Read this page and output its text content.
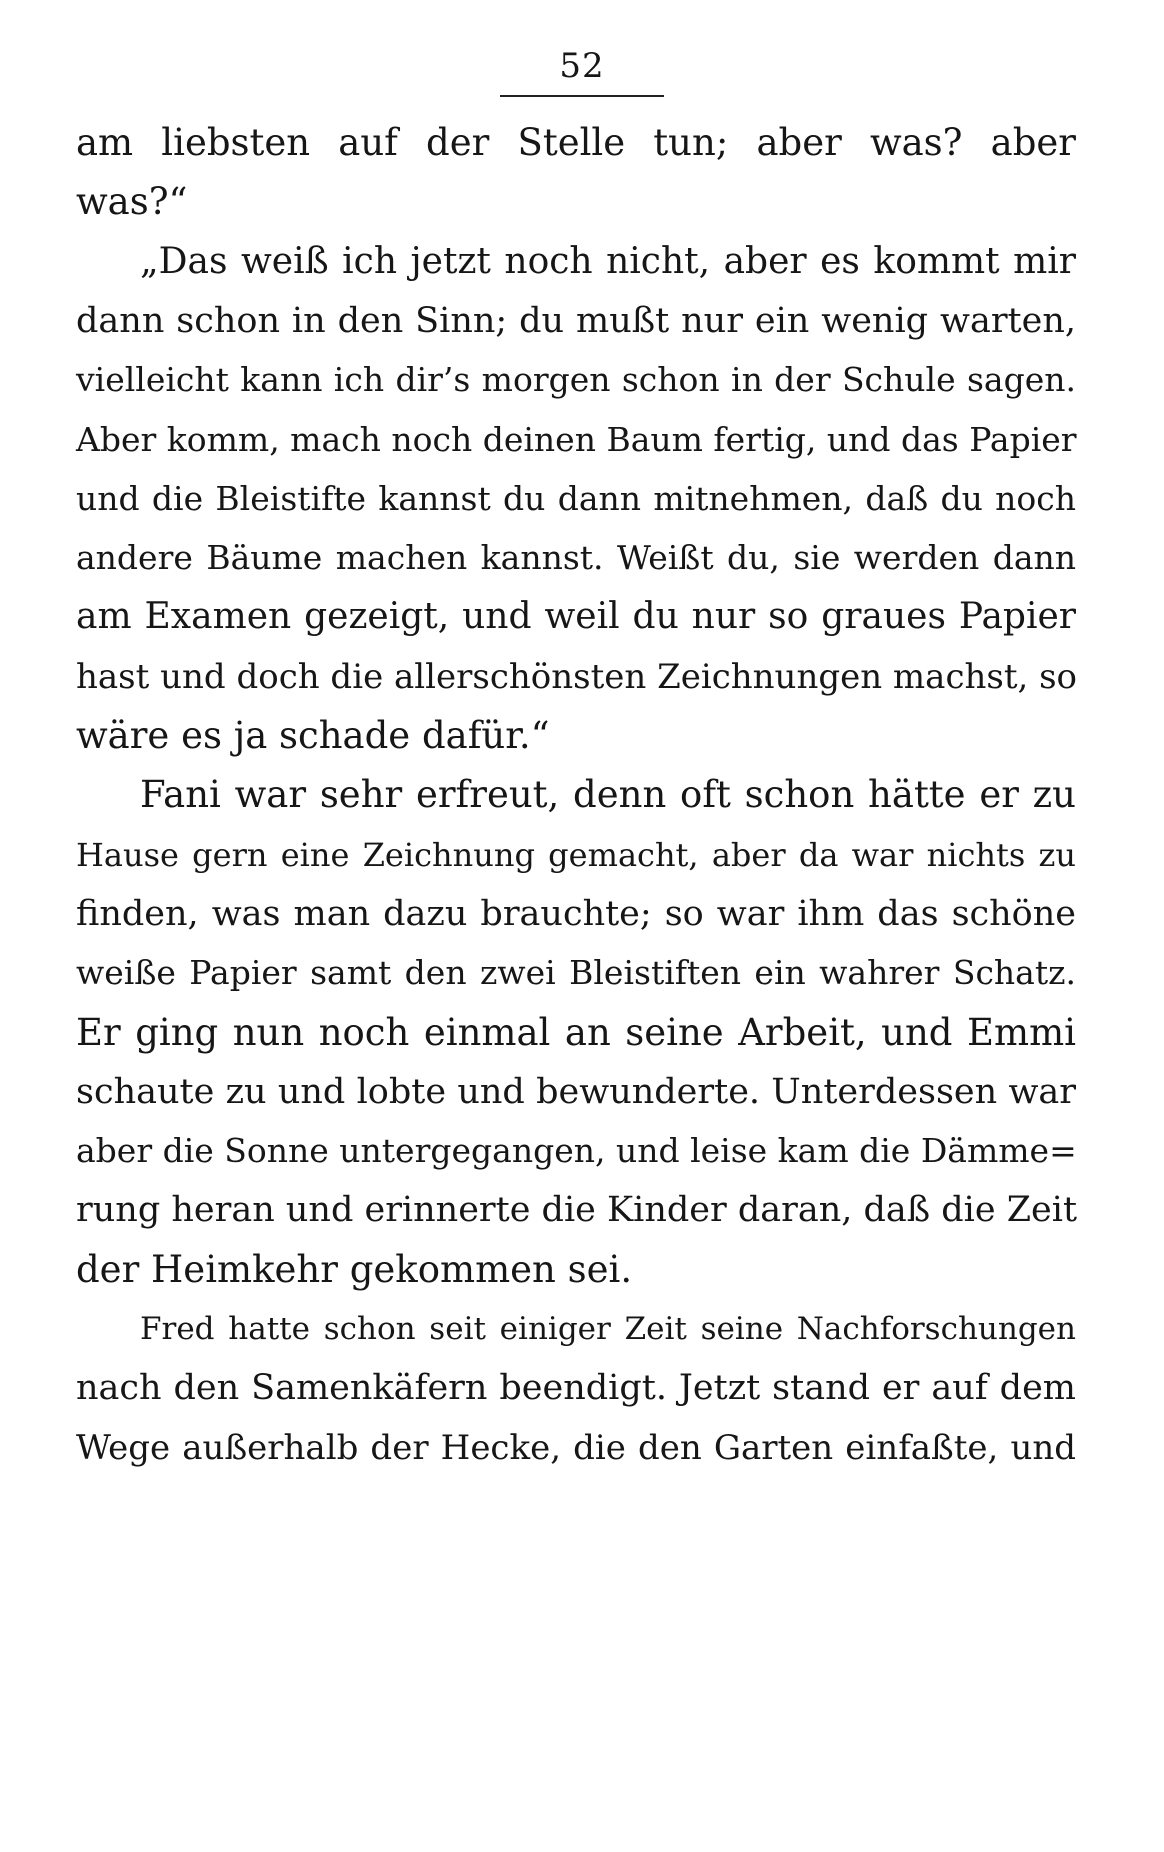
52
am liebsten auf der Stelle tun; aber was? aber
was?“
„Das weiß ich jetzt noch nicht, aber es kommt mir
dann schon in den Sinn; du mußt nur ein wenig warten,
vielleicht kann ich dir’s morgen schon in der Schule sagen.
Aber komm, mach noch deinen Baum fertig, und das Papier
und die Bleistifte kannst du dann mitnehmen, daß du noch
andere Bäume machen kannst. Weißt du, sie werden dann
am Examen gezeigt, und weil du nur so graues Papier
hast und doch die allerschönsten Zeichnungen machst, so
wäre es ja schade dafür.“
Fani war sehr erfreut, denn oft schon hätte er zu
Hause gern eine Zeichnung gemacht, aber da war nichts zu
finden, was man dazu brauchte; so war ihm das schöne
weiße Papier samt den zwei Bleistiften ein wahrer Schatz.
Er ging nun noch einmal an seine Arbeit, und Emmi
schaute zu und lobte und bewunderte. Unterdessen war
aber die Sonne untergegangen, und leise kam die Dämme=
rung heran und erinnerte die Kinder daran, daß die Zeit
der Heimkehr gekommen sei.
Fred hatte schon seit einiger Zeit seine Nachforschungen
nach den Samenkäfern beendigt. Jetzt stand er auf dem
Wege außerhalb der Hecke, die den Garten einfaßte, und
